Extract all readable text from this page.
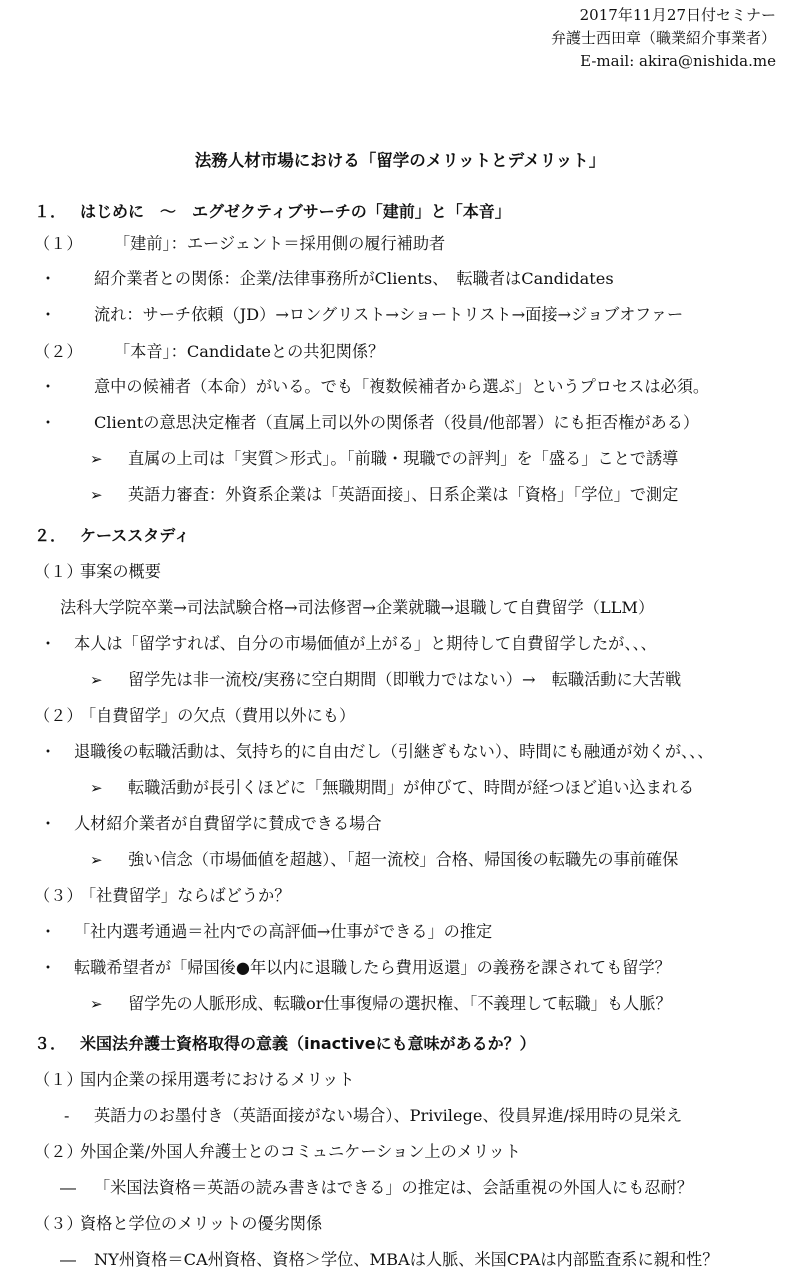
2017年11月27日付セミナー
弁護士西田章（職業紹介事業者）
E-mail: akira@nishida.me
法務人材市場における「留学のメリットとデメリット」
１． はじめに　～　エグゼクティブサーチの「建前」と「本音」
（１） 「建前」：エージェント＝採用側の履行補助者
・ 紹介業者との関係：企業/法律事務所がClients、　転職者はCandidates
・ 流れ：サーチ依頼（JD）→ロングリスト→ショートリスト→面接→ジョブオファー
（２） 「本音」：Candidateとの共犯関係？
・ 意中の候補者（本命）がいる。でも「複数候補者から選ぶ」というプロセスは必須。
・ Clientの意思決定権者（直属上司以外の関係者（役員/他部署）にも拒否権がある）
➢ 直属の上司は「実質＞形式」。「前職・現職での評判」を「盛る」ことで誘導
➢ 英語力審査：外資系企業は「英語面接」、日系企業は「資格」「学位」で測定
２． ケーススタディ
（１）
事案の概要
法科大学院卒業→司法試験合格→司法修習→企業就職→退職して自費留学（LLM）
・ 本人は「留学すれば、自分の市場価値が上がる」と期待して自費留学したが、、、
➢ 留学先は非一流校/実務に空白期間（即戦力ではない）→　転職活動に大苦戦
（２）
「自費留学」の欠点（費用以外にも）
・ 退職後の転職活動は、気持ち的に自由だし（引継ぎもない）、時間にも融通が効くが、、、
➢ 転職活動が長引くほどに「無職期間」が伸びて、時間が経つほど追い込まれる
・ 人材紹介業者が自費留学に賛成できる場合
➢ 強い信念（市場価値を超越）、「超一流校」合格、帰国後の転職先の事前確保
（３）
「社費留学」ならばどうか？
・ 「社内選考通過＝社内での高評価→仕事ができる」の推定
・ 転職希望者が「帰国後●年以内に退職したら費用返還」の義務を課されても留学？
➢ 留学先の人脈形成、転職or仕事復帰の選択権、「不義理して転職」も人脈？
３． 米国法弁護士資格取得の意義（inactiveにも意味があるか？）
（１）
国内企業の採用選考におけるメリット
- 英語力のお墨付き（英語面接がない場合）、Privilege、役員昇進/採用時の見栄え
（２）
外国企業/外国人弁護士とのコミュニケーション上のメリット
― 「米国法資格＝英語の読み書きはできる」の推定は、会話重視の外国人にも忍耐？
（３）
資格と学位のメリットの優劣関係
― NY州資格＝CA州資格、資格＞学位、MBAは人脈、米国CPAは内部監査系に親和性？
